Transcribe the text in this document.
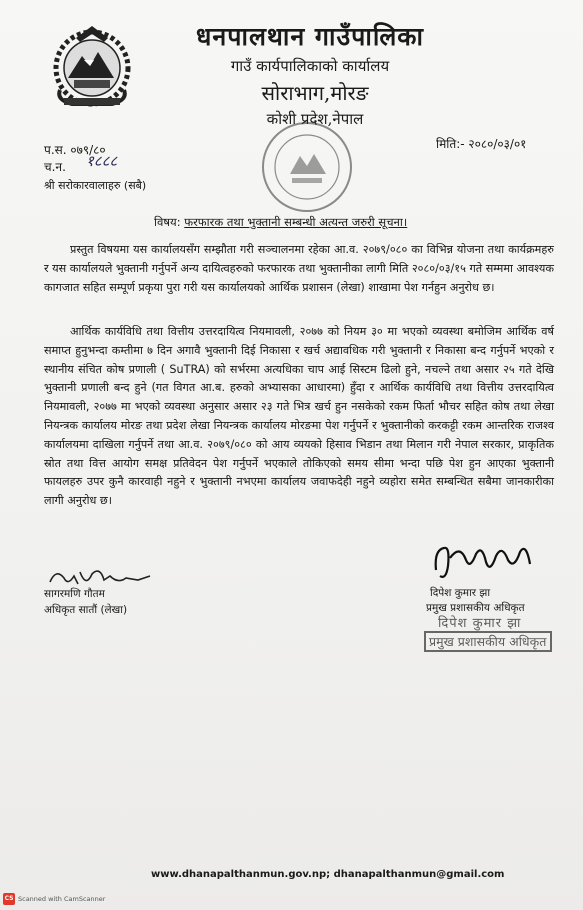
धनपालथान गाउँपालिका
गाउँ कार्यपालिकाको कार्यालय
सोराभाग,मोरङ
कोशी प्रदेश,नेपाल
प.स. ०७९/८०
च.न. १८८८
मिति:- २०८०/०३/०१
श्री सरोकारवालाहरु (सबै)
विषय: फरफारक तथा भुक्तानी सम्बन्धी अत्यन्त जरुरी सूचना।

प्रस्तुत विषयमा यस कार्यालयसँग सम्झौता गरी सञ्चालनमा रहेका आ.व. २०७९/०८० का विभिन्न योजना तथा कार्यक्रमहरु र यस कार्यालयले भुक्तानी गर्नुपर्ने अन्य दायित्वहरुको फरफारक तथा भुक्तानीका लागी मिति २०८०/०३/१५ गते सम्ममा आवश्यक कागजात सहित सम्पूर्ण प्रकृया पुरा गरी यस कार्यालयको आर्थिक प्रशासन (लेखा) शाखामा पेश गर्नहुन अनुरोध छ।

आर्थिक कार्यविधि तथा वित्तीय उत्तरदायित्व नियमावली, २०७७ को नियम ३० मा भएको व्यवस्था बमोजिम आर्थिक वर्ष समाप्त हुनुभन्दा कम्तीमा ७ दिन अगावै भुक्तानी दिई निकासा र खर्च अद्यावधिक गरी भुक्तानी र निकासा बन्द गर्नुपर्ने भएको र स्थानीय संचित कोष प्रणाली ( SuTRA) को सर्भरमा अत्यधिका चाप आई सिस्टम ढिलो हुने, नचल्ने तथा असार २५ गते देखि भुक्तानी प्रणाली बन्द हुने (गत विगत आ.ब. हरुको अभ्यासका आधारमा) हुँदा र आर्थिक कार्यविधि तथा वित्तीय उत्तरदायित्व नियमावली, २०७७ मा भएको व्यवस्था अनुसार असार २३ गते भित्र खर्च हुन नसकेको रकम फिर्ता भौचर सहित कोष तथा लेखा नियन्त्रक कार्यालय मोरङ तथा प्रदेश लेखा नियन्त्रक कार्यालय मोरङमा पेश गर्नुपर्ने र भुक्तानीको करकट्टी रकम आन्तरिक राजश्व कार्यालयमा दाखिला गर्नुपर्ने तथा आ.व. २०७९/०८० को आय व्ययको हिसाव भिडान तथा मिलान गरी नेपाल सरकार, प्राकृतिक स्रोत तथा वित्त आयोग समक्ष प्रतिवेदन पेश गर्नुपर्ने भएकाले तोकिएको समय सीमा भन्दा पछि पेश हुन आएका भुक्तानी फायलहरु उपर कुनै कारवाही नहुने र भुक्तानी नभएमा कार्यालय जवाफदेही नहुने व्यहोरा समेत सम्बन्धित सबैमा जानकारीका लागी अनुरोध छ।

सागरमणि गौतम
अधिकृत सातौं (लेखा)
दिपेश कुमार झा
प्रमुख प्रशासकीय अधिकृत
दिपेश कुमार झा
प्रमुख प्रशासकीय अधिकृत
www.dhanapalthanmun.gov.np; dhanapalthanmun@gmail.com
CS Scanned with CamScanner
